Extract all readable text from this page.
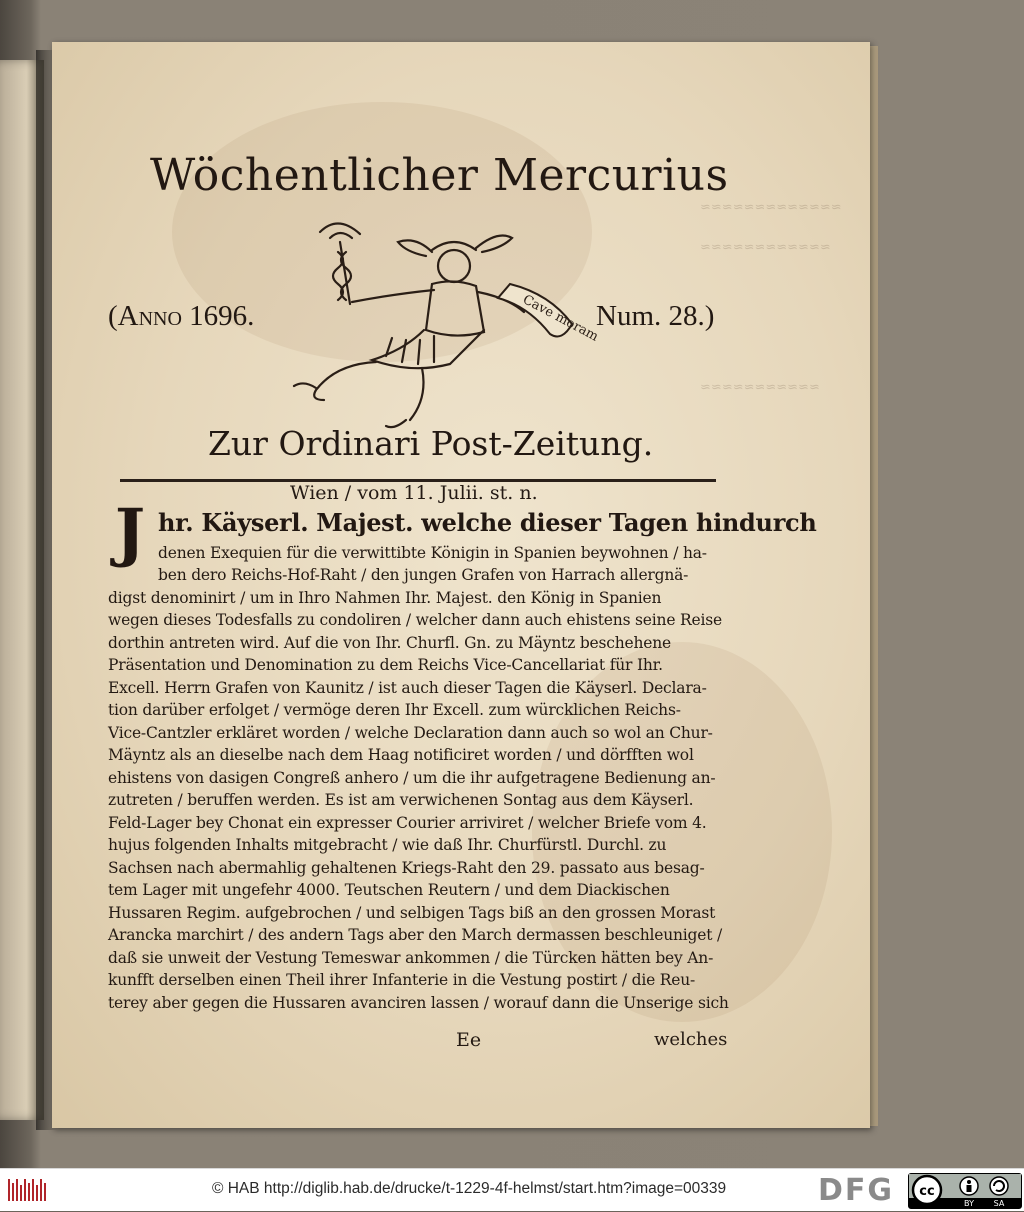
≈≈≈≈≈≈≈≈≈≈≈≈≈
≈≈≈≈≈≈≈≈≈≈≈≈
≈≈≈≈≈≈≈≈≈≈≈
Wöchentlicher Mercurius
(Anno 1696.	Num. 28.)
Cave moram
Zur Ordinari Post-Zeitung.
Wien / vom 11. Julii. st. n.
J hr. Käyserl. Majest. welche dieser Tagen hindurch
denen Exequien für die verwittibte Königin in Spanien beywohnen / ha-
ben dero Reichs-Hof-Raht / den jungen Grafen von Harrach allergnä-
digst denominirt / um in Ihro Nahmen Ihr. Majest. den König in Spanien
wegen dieses Todesfalls zu condoliren / welcher dann auch ehistens seine Reise
dorthin antreten wird. Auf die von Ihr. Churfl. Gn. zu Mäyntz beschehene
Präsentation und Denomination zu dem Reichs Vice-Cancellariat für Ihr.
Excell. Herrn Grafen von Kaunitz / ist auch dieser Tagen die Käyserl. Declara-
tion darüber erfolget / vermöge deren Ihr Excell. zum würcklichen Reichs-
Vice-Cantzler erkläret worden / welche Declaration dann auch so wol an Chur-
Mäyntz als an dieselbe nach dem Haag notificiret worden / und dörfften wol
ehistens von dasigen Congreß anhero / um die ihr aufgetragene Bedienung an-
zutreten / beruffen werden. Es ist am verwichenen Sontag aus dem Käyserl.
Feld-Lager bey Chonat ein expresser Courier arriviret / welcher Briefe vom 4.
hujus folgenden Inhalts mitgebracht / wie daß Ihr. Churfürstl. Durchl. zu
Sachsen nach abermahlig gehaltenen Kriegs-Raht den 29. passato aus besag-
tem Lager mit ungefehr 4000. Teutschen Reutern / und dem Diackischen
Hussaren Regim. aufgebrochen / und selbigen Tags biß an den grossen Morast
Arancka marchirt / des andern Tags aber den March dermassen beschleuniget /
daß sie unweit der Vestung Temeswar ankommen / die Türcken hätten bey An-
kunfft derselben einen Theil ihrer Infanterie in die Vestung postirt / die Reu-
terey aber gegen die Hussaren avanciren lassen / worauf dann die Unserige sich
Ee	welches
© HAB http://diglib.hab.de/drucke/t-1229-4f-helmst/start.htm?image=00339	DFG cc
BY SA
